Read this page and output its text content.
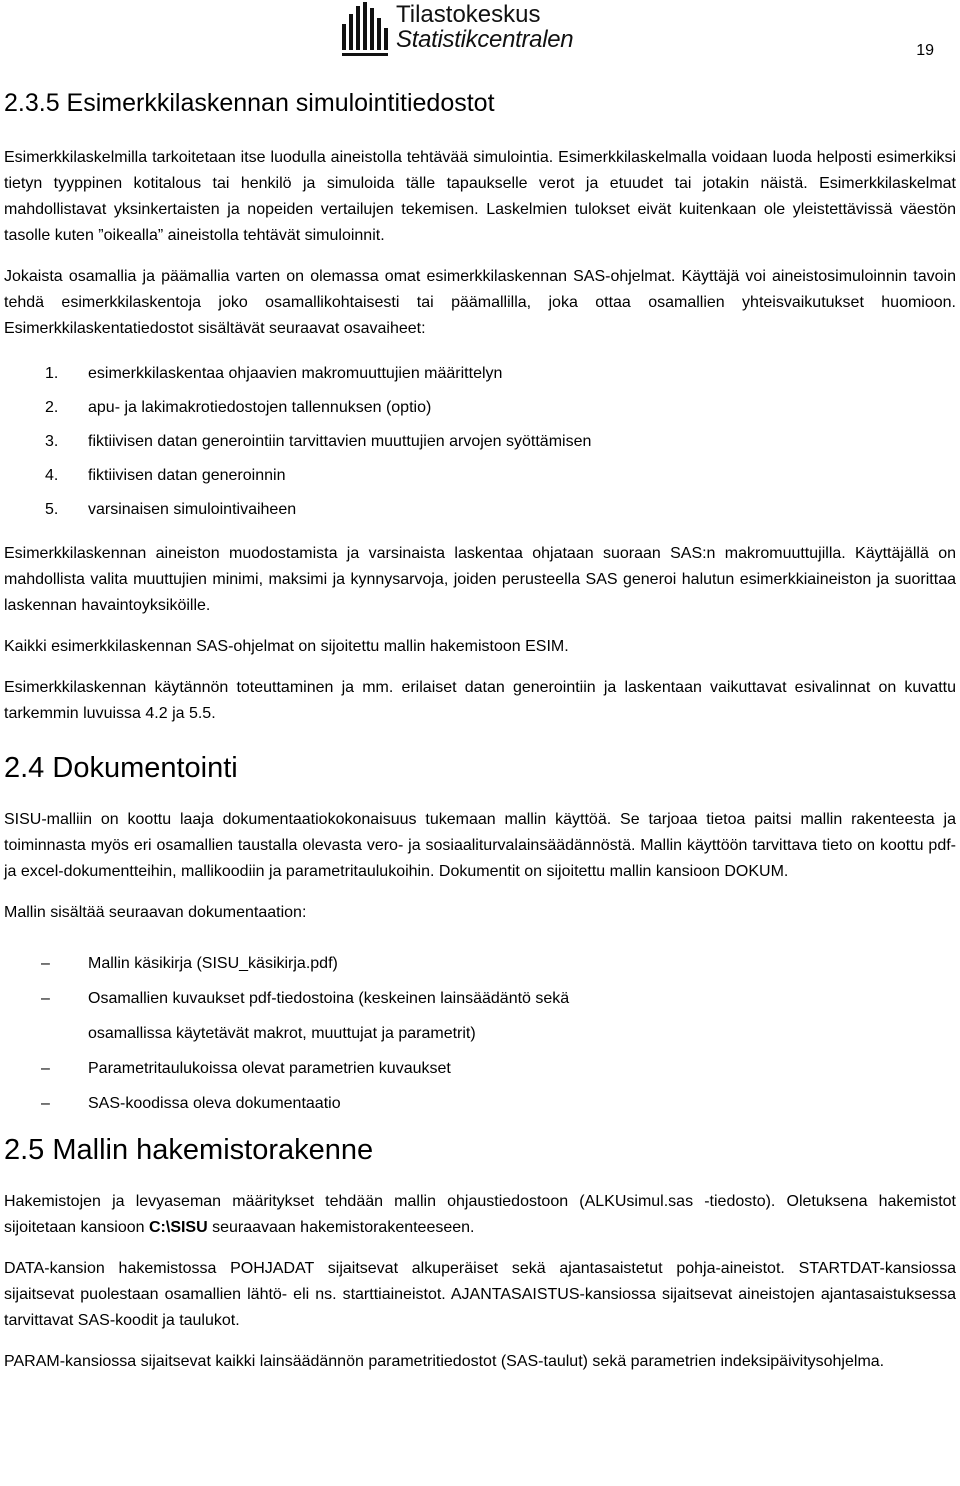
Tilastokeskus
Statistikcentralen	19
2.3.5 Esimerkkilaskennan simulointitiedostot

Esimerkkilaskelmilla tarkoitetaan itse luodulla aineistolla tehtävää simulointia. Esimerkkilaskelmalla voidaan luoda helposti esimerkiksi tietyn tyyppinen kotitalous tai henkilö ja simuloida tälle tapaukselle verot ja etuudet tai jotakin näistä. Esimerkkilaskelmat mahdollistavat yksinkertaisten ja nopeiden vertailujen tekemisen. Laskelmien tulokset eivät kuitenkaan ole yleistettävissä väestön tasolle kuten ”oikealla” aineistolla tehtävät simuloinnit.

Jokaista osamallia ja päämallia varten on olemassa omat esimerkkilaskennan SAS-ohjelmat. Käyttäjä voi aineistosimuloinnin tavoin tehdä esimerkkilaskentoja joko osamallikohtaisesti tai päämallilla, joka ottaa osamallien yhteisvaikutukset huomioon. Esimerkkilaskentatiedostot sisältävät seuraavat osavaiheet:

1.	esimerkkilaskentaa ohjaavien makromuuttujien määrittelyn
2.	apu- ja lakimakrotiedostojen tallennuksen (optio)
3.	fiktiivisen datan generointiin tarvittavien muuttujien arvojen syöttämisen
4.	fiktiivisen datan generoinnin
5.	varsinaisen simulointivaiheen

Esimerkkilaskennan aineiston muodostamista ja varsinaista laskentaa ohjataan suoraan SAS:n makromuuttujilla. Käyttäjällä on mahdollista valita muuttujien minimi, maksimi ja kynnysarvoja, joiden perusteella SAS generoi halutun esimerkkiaineiston ja suorittaa laskennan havaintoyksiköille.

Kaikki esimerkkilaskennan SAS-ohjelmat on sijoitettu mallin hakemistoon ESIM.

Esimerkkilaskennan käytännön toteuttaminen ja mm. erilaiset datan generointiin ja laskentaan vaikuttavat esivalinnat on kuvattu tarkemmin luvuissa 4.2 ja 5.5.

2.4 Dokumentointi

SISU-malliin on koottu laaja dokumentaatiokokonaisuus tukemaan mallin käyttöä. Se tarjoaa tietoa paitsi mallin rakenteesta ja toiminnasta myös eri osamallien taustalla olevasta vero- ja sosiaaliturvalainsäädännöstä. Mallin käyttöön tarvittava tieto on koottu pdf- ja excel-dokumentteihin, mallikoodiin ja parametritaulukoihin. Dokumentit on sijoitettu mallin kansioon DOKUM.

Mallin sisältää seuraavan dokumentaation:

–	Mallin käsikirja (SISU_käsikirja.pdf)
–	Osamallien kuvaukset pdf-tiedostoina (keskeinen lainsäädäntö sekä
osamallissa käytetävät makrot, muuttujat ja parametrit)
–	Parametritaulukoissa olevat parametrien kuvaukset
–	SAS-koodissa oleva dokumentaatio
2.5 Mallin hakemistorakenne

Hakemistojen ja levyaseman määritykset tehdään mallin ohjaustiedostoon (ALKUsimul.sas -tiedosto). Oletuksena hakemistot sijoitetaan kansioon C:\SISU seuraavaan hakemistorakenteeseen.

DATA-kansion hakemistossa POHJADAT sijaitsevat alkuperäiset sekä ajantasaistetut pohja-aineistot. STARTDAT-kansiossa sijaitsevat puolestaan osamallien lähtö- eli ns. starttiaineistot. AJANTASAISTUS-kansiossa sijaitsevat aineistojen ajantasaistuksessa tarvittavat SAS-koodit ja taulukot.

PARAM-kansiossa sijaitsevat kaikki lainsäädännön parametritiedostot (SAS-taulut) sekä parametrien indeksipäivitysohjelma.
